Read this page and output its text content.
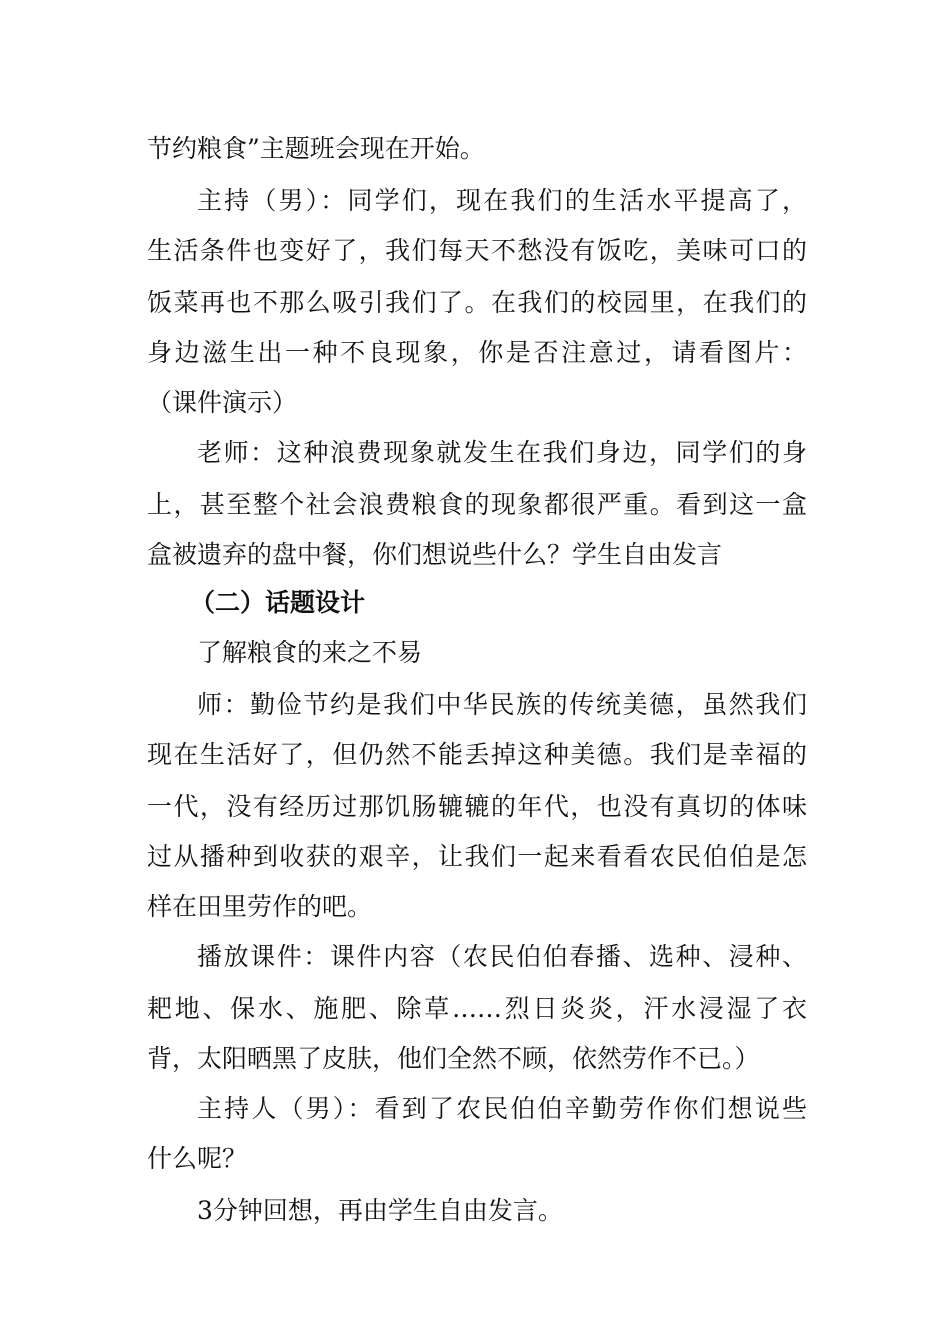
节约粮食”主题班会现在开始。
主持（男）：同学们，现在我们的生活水平提高了，
生活条件也变好了，我们每天不愁没有饭吃，美味可口的
饭菜再也不那么吸引我们了。在我们的校园里，在我们的
身边滋生出一种不良现象，你是否注意过，请看图片：
（课件演示）
老师：这种浪费现象就发生在我们身边，同学们的身
上，甚至整个社会浪费粮食的现象都很严重。看到这一盒
盒被遗弃的盘中餐，你们想说些什么？学生自由发言
（二）话题设计
了解粮食的来之不易
师：勤俭节约是我们中华民族的传统美德，虽然我们
现在生活好了，但仍然不能丢掉这种美德。我们是幸福的
一代，没有经历过那饥肠辘辘的年代，也没有真切的体味
过从播种到收获的艰辛，让我们一起来看看农民伯伯是怎
样在田里劳作的吧。
播放课件：课件内容（农民伯伯春播、选种、浸种、
耙地、保水、施肥、除草……烈日炎炎，汗水浸湿了衣
背，太阳晒黑了皮肤，他们全然不顾，依然劳作不已。）
主持人（男）：看到了农民伯伯辛勤劳作你们想说些
什么呢？
3分钟回想，再由学生自由发言。
